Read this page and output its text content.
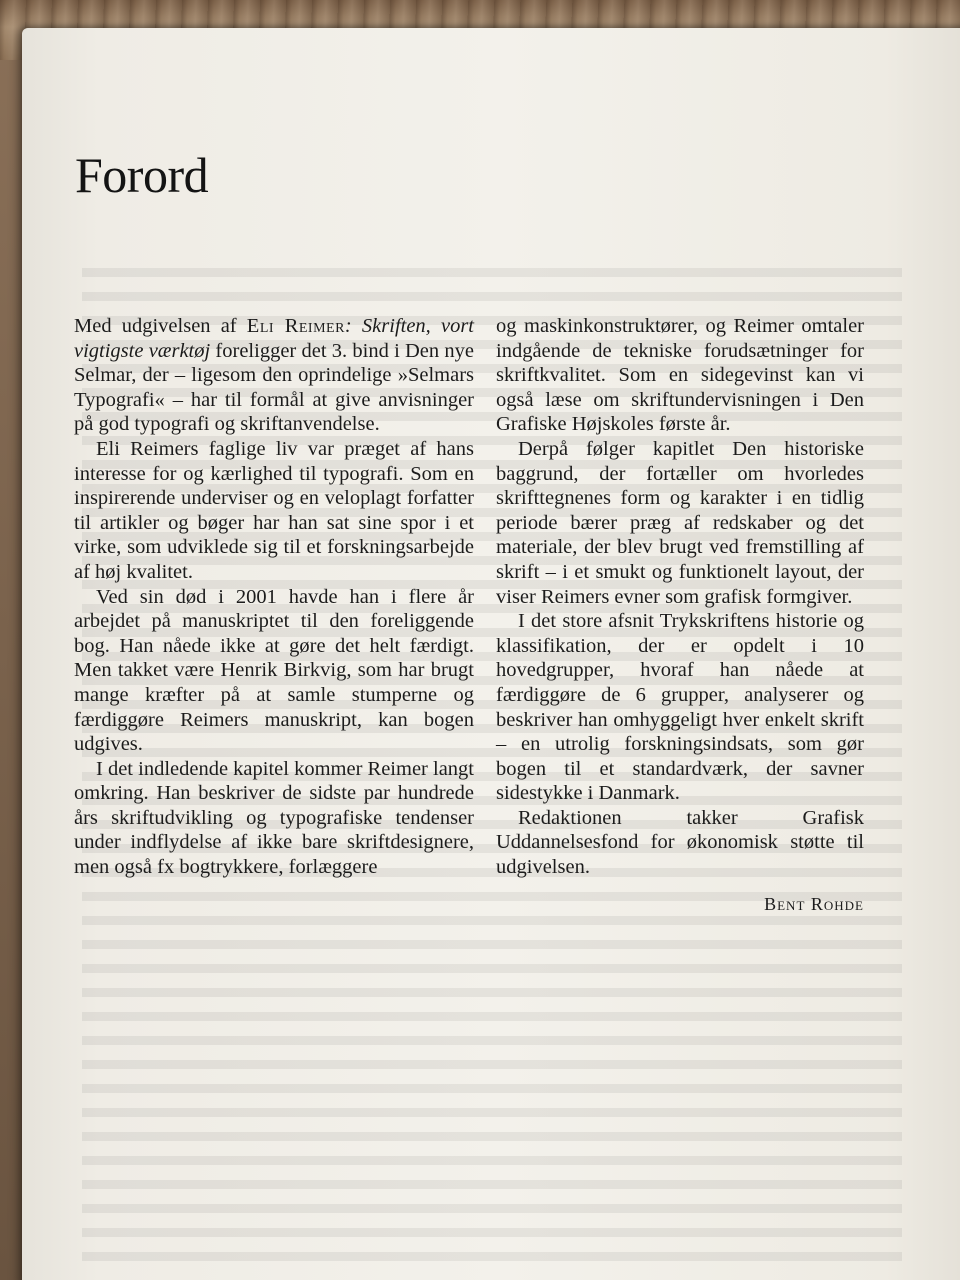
Forord

Med udgivelsen af Eli Reimer: Skriften, vort vigtigste værktøj foreligger det 3. bind i Den nye Selmar, der – ligesom den oprindelige »Selmars Typografi« – har til formål at give anvisninger på god typografi og skriftanvendelse.

Eli Reimers faglige liv var præget af hans interesse for og kærlighed til typografi. Som en inspirerende underviser og en veloplagt forfatter til artikler og bøger har han sat sine spor i et virke, som udviklede sig til et forskningsarbejde af høj kvalitet.

Ved sin død i 2001 havde han i flere år arbejdet på manuskriptet til den foreliggende bog. Han nåede ikke at gøre det helt færdigt. Men takket være Henrik Birkvig, som har brugt mange kræfter på at samle stumperne og færdiggøre Reimers manuskript, kan bogen udgives.

I det indledende kapitel kommer Reimer langt omkring. Han beskriver de sidste par hundrede års skriftudvikling og typografiske tendenser under indflydelse af ikke bare skriftdesignere, men også fx bogtrykkere, forlæggere

og maskinkonstruktører, og Reimer omtaler indgående de tekniske forudsætninger for skriftkvalitet. Som en sidegevinst kan vi også læse om skriftundervisningen i Den Grafiske Højskoles første år.

Derpå følger kapitlet Den historiske baggrund, der fortæller om hvorledes skrifttegnenes form og karakter i en tidlig periode bærer præg af redskaber og det materiale, der blev brugt ved fremstilling af skrift – i et smukt og funktionelt layout, der viser Reimers evner som grafisk formgiver.

I det store afsnit Trykskriftens historie og klassifikation, der er opdelt i 10 hovedgrupper, hvoraf han nåede at færdiggøre de 6 grupper, analyserer og beskriver han omhyggeligt hver enkelt skrift – en utrolig forskningsindsats, som gør bogen til et standardværk, der savner sidestykke i Danmark.

Redaktionen takker Grafisk Uddannelsesfond for økonomisk støtte til udgivelsen.

Bent Rohde
